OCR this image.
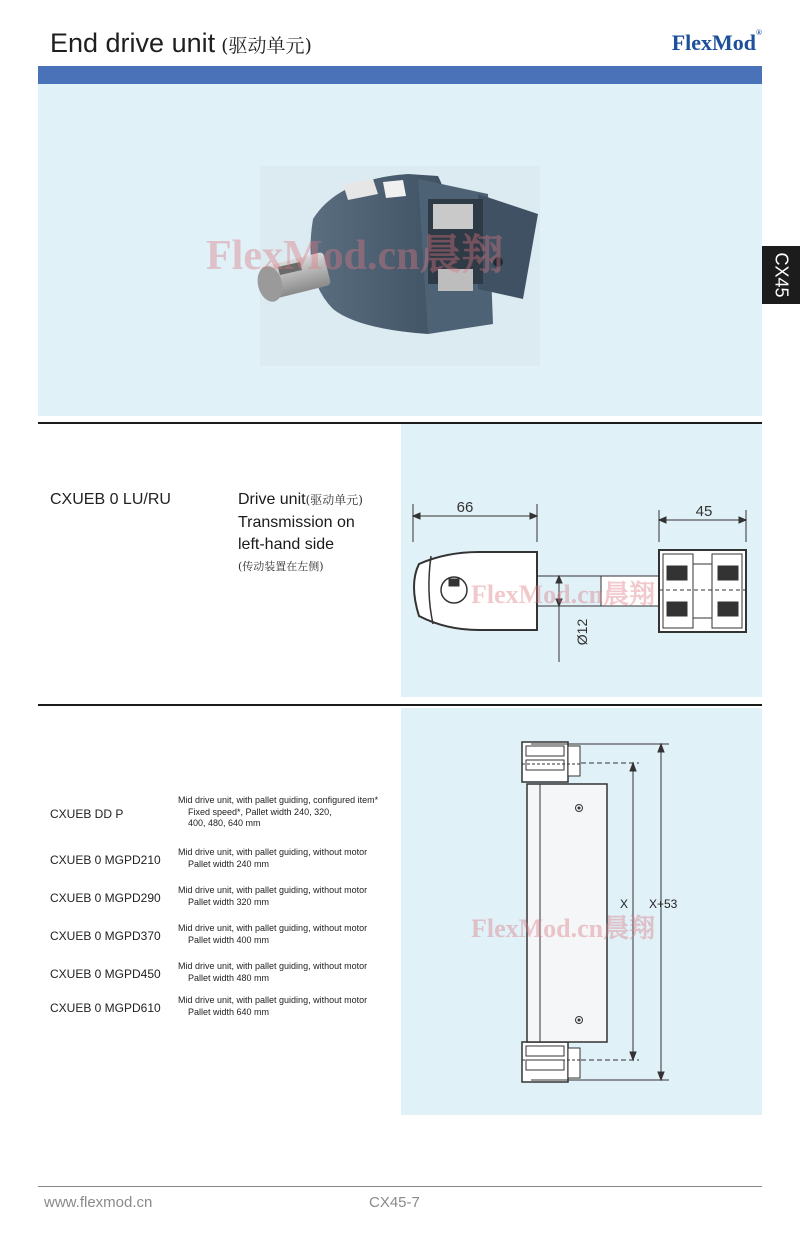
End drive unit (驱动单元)	FlexMod®
FlexMod.cn晨翔	CX45
CXUEB 0 LU/RU	Drive unit(驱动单元)
Transmission on
left-hand side
(传动装置在左侧)
66	45
Ø12
FlexMod.cn晨翔
CXUEB DD P
Mid drive unit, with pallet guiding, configured item*
Fixed speed*, Pallet width 240, 320,
400, 480, 640 mm
CXUEB 0 MGPD210
Mid drive unit, with pallet guiding, without motor
Pallet width 240 mm
CXUEB 0 MGPD290
Mid drive unit, with pallet guiding, without motor
Pallet width 320 mm
CXUEB 0 MGPD370
Mid drive unit, with pallet guiding, without motor
Pallet width 400 mm
CXUEB 0 MGPD450
Mid drive unit, with pallet guiding, without motor
Pallet width 480 mm
CXUEB 0 MGPD610
Mid drive unit, with pallet guiding, without motor
Pallet width 640 mm
X X+53
FlexMod.cn晨翔
www.flexmod.cn	CX45-7
